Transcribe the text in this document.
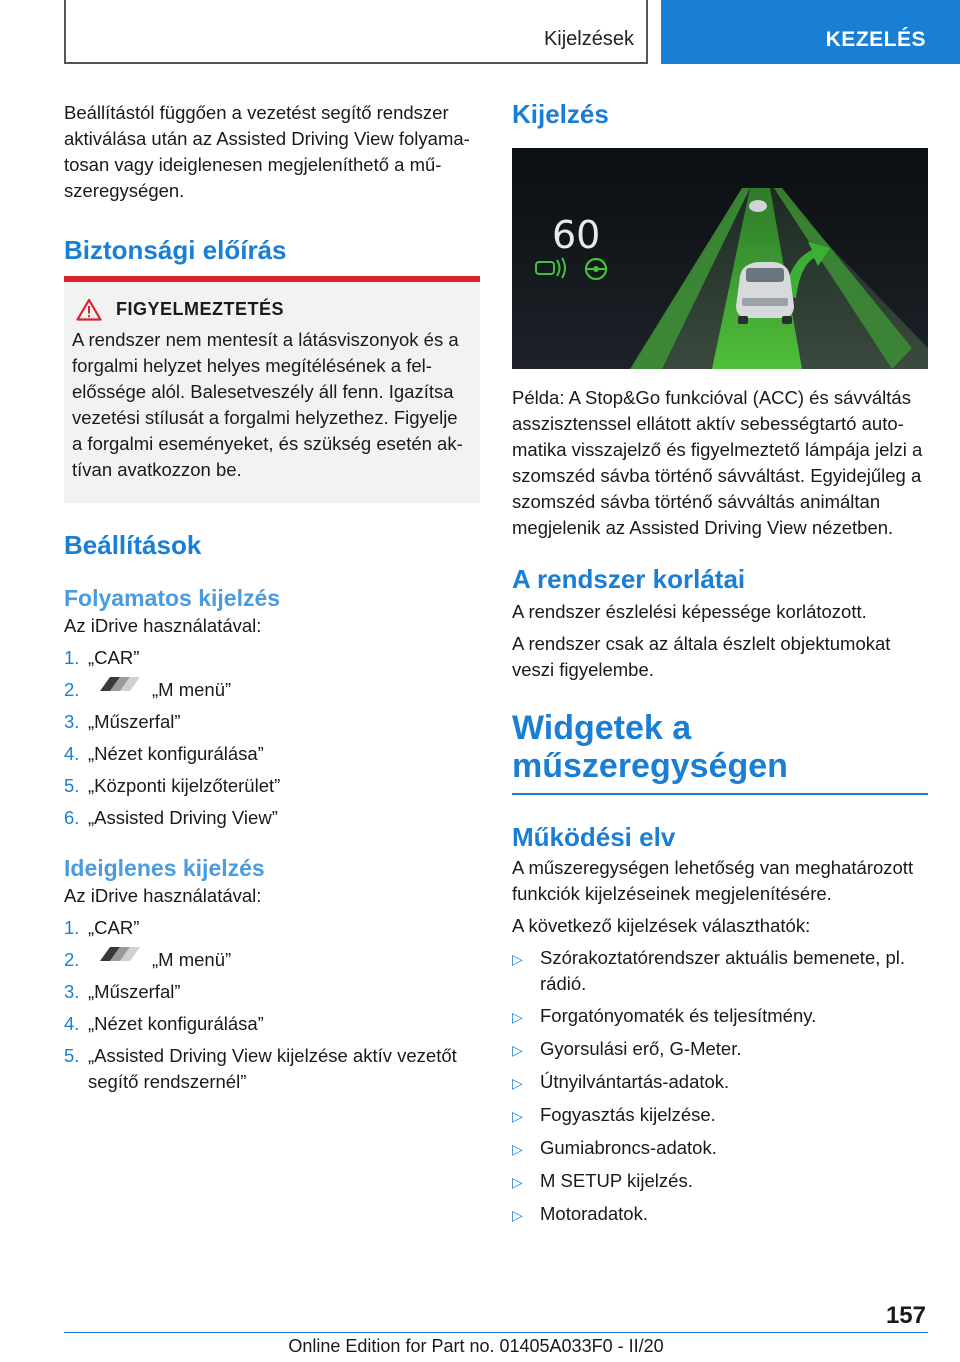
Kijelzések	KEZELÉS

Beállítástól függően a vezetést segítő rendszer aktiválása után az Assisted Driving View folyamatosan vagy ideiglenesen megjeleníthető a műszeregységen.

Biztonsági előírás
FIGYELMEZTETÉS

A rendszer nem mentesít a látásviszonyok és a forgalmi helyzet helyes megítélésének a felelőssége alól. Balesetveszély áll fenn. Igazítsa vezetési stílusát a forgalmi helyzethez. Figyelje a forgalmi eseményeket, és szükség esetén aktívan avatkozzon be.

Beállítások
Folyamatos kijelzés

Az iDrive használatával:

1. „CAR”
2.	„M menü”
3. „Műszerfal”
4. „Nézet konfigurálása”
5. „Központi kijelzőterület”
6. „Assisted Driving View”
Ideiglenes kijelzés

Az iDrive használatával:

1. „CAR”
2.	„M menü”
3. „Műszerfal”
4. „Nézet konfigurálása”
5. „Assisted Driving View kijelzése aktív vezetőt segítő rendszernél”
Kijelzés
60

Példa: A Stop&Go funkcióval (ACC) és sávváltás asszisztenssel ellátott aktív sebességtartó automatika visszajelző és figyelmeztető lámpája jelzi a szomszéd sávba történő sávváltást. Egyidejűleg a szomszéd sávba történő sávváltás animáltan megjelenik az Assisted Driving View nézetben.

A rendszer korlátai

A rendszer észlelési képessége korlátozott.

A rendszer csak az általa észlelt objektumokat veszi figyelembe.

Widgetek a
műszeregységen
Működési elv

A műszeregységen lehetőség van meghatározott funkciók kijelzéseinek megjelenítésére.

A következő kijelzések választhatók:

▷ Szórakoztatórendszer aktuális bemenete, pl. rádió.
▷ Forgatónyomaték és teljesítmény.
▷ Gyorsulási erő, G-Meter.
▷ Útnyilvántartás-adatok.
▷ Fogyasztás kijelzése.
▷ Gumiabroncs-adatok.
▷ M SETUP kijelzés.
▷ Motoradatok.
157
Online Edition for Part no. 01405A033F0 - II/20
